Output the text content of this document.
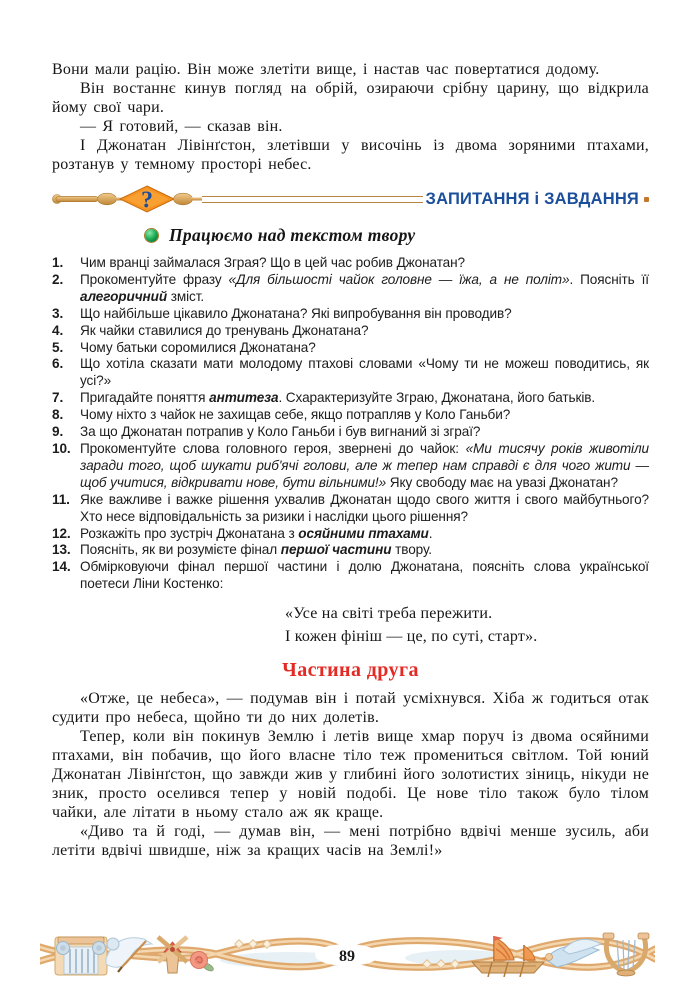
Вони мали рацію. Він може злетіти вище, і настав час повертатися додому.

Він востаннє кинув погляд на обрій, озираючи срібну царину, що відкрила йому свої чари.

— Я готовий, — сказав він.

І Джонатан Лівінґстон, злетівши у височінь із двома зоряними птахами, розтанув у темному просторі небес.

?	ЗАПИТАННЯ і ЗАВДАННЯ
Працюємо над текстом твору
1.	Чим вранці займалася Зграя? Що в цей час робив Джонатан?
2.	Прокоментуйте фразу «Для більшості чайок головне — їжа, а не політ». Поясніть її алегоричний зміст.
3.	Що найбільше цікавило Джонатана? Які випробування він проводив?
4.	Як чайки ставилися до тренувань Джонатана?
5.	Чому батьки соромилися Джонатана?
6.	Що хотіла сказати мати молодому птахові словами «Чому ти не можеш поводитись, як усі?»
7.	Пригадайте поняття антитеза. Схарактеризуйте Зграю, Джонатана, його батьків.
8.	Чому ніхто з чайок не захищав себе, якщо потрапляв у Коло Ганьби?
9.	За що Джонатан потрапив у Коло Ганьби і був вигнаний зі зграї?
10. Прокоментуйте слова головного героя, звернені до чайок: «Ми тисячу років животіли заради того, щоб шукати риб'ячі голови, але ж тепер нам справді є для чого жити — щоб учитися, відкривати нове, бути вільними!» Яку свободу має на увазі Джонатан?
11. Яке важливе і важке рішення ухвалив Джонатан щодо свого життя і свого майбутнього? Хто несе відповідальність за ризики і наслідки цього рішення?
12. Розкажіть про зустріч Джонатана з осяйними птахами.
13. Поясніть, як ви розумієте фінал першої частини твору.
14. Обмірковуючи фінал першої частини і долю Джонатана, поясніть слова української поетеси Ліни Костенко:
«Усе на світі треба пережити.
І кожен фініш — це, по суті, старт».
Частина друга

«Отже, це небеса», — подумав він і потай усміхнувся. Хіба ж годиться отак судити про небеса, щойно ти до них долетів.

Тепер, коли він покинув Землю і летів вище хмар поруч із двома осяйними птахами, він побачив, що його власне тіло теж промениться світлом. Той юний Джонатан Лівінґстон, що завжди жив у глибині його золотистих зіниць, нікуди не зник, просто оселився тепер у новій подобі. Це нове тіло також було тілом чайки, але літати в ньому стало аж як краще.

«Диво та й годі, — думав він, — мені потрібно вдвічі менше зусиль, аби летіти вдвічі швидше, ніж за кращих часів на Землі!»

89
